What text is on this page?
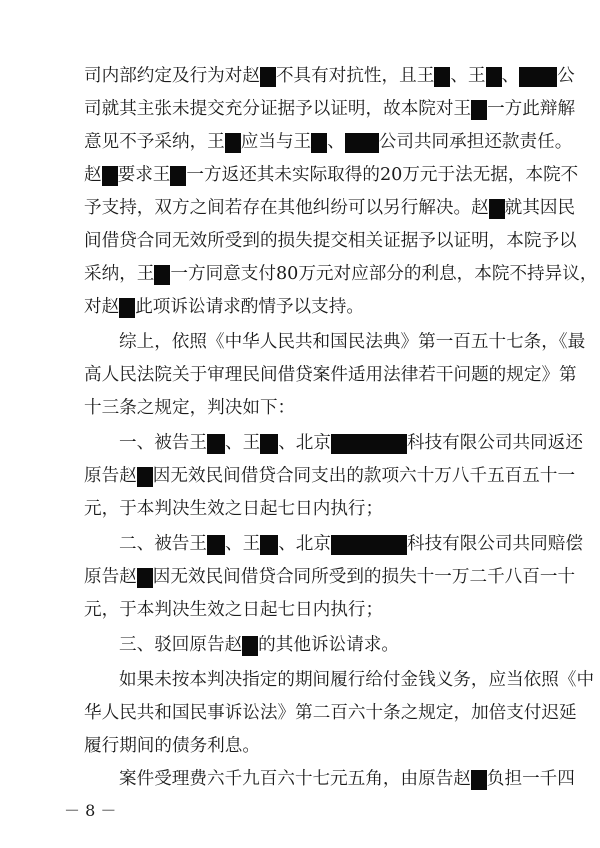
司内部约定及行为对赵 不具有对抗性，且王 、王 、 公
司就其主张未提交充分证据予以证明，故本院对王 一方此辩解
意见不予采纳，王 应当与王 、 公司共同承担还款责任。
赵 要求王 一方返还其未实际取得的20万元于法无据，本院不
予支持，双方之间若存在其他纠纷可以另行解决。赵 就其因民
间借贷合同无效所受到的损失提交相关证据予以证明，本院予以
采纳，王 一方同意支付80万元对应部分的利息，本院不持异议，
对赵 此项诉讼请求酌情予以支持。
综上，依照《中华人民共和国民法典》第一百五十七条，《最
高人民法院关于审理民间借贷案件适用法律若干问题的规定》第
十三条之规定，判决如下：
一、被告王 、王 、北京	科技有限公司共同返还
原告赵 因无效民间借贷合同支出的款项六十万八千五百五十一
元，于本判决生效之日起七日内执行；
二、被告王 、王 、北京	科技有限公司共同赔偿
原告赵 因无效民间借贷合同所受到的损失十一万二千八百一十
元，于本判决生效之日起七日内执行；
三、驳回原告赵 的其他诉讼请求。
如果未按本判决指定的期间履行给付金钱义务，应当依照《中
华人民共和国民事诉讼法》第二百六十条之规定，加倍支付迟延
履行期间的债务利息。
案件受理费六千九百六十七元五角，由原告赵 负担一千四
－ 8 －
